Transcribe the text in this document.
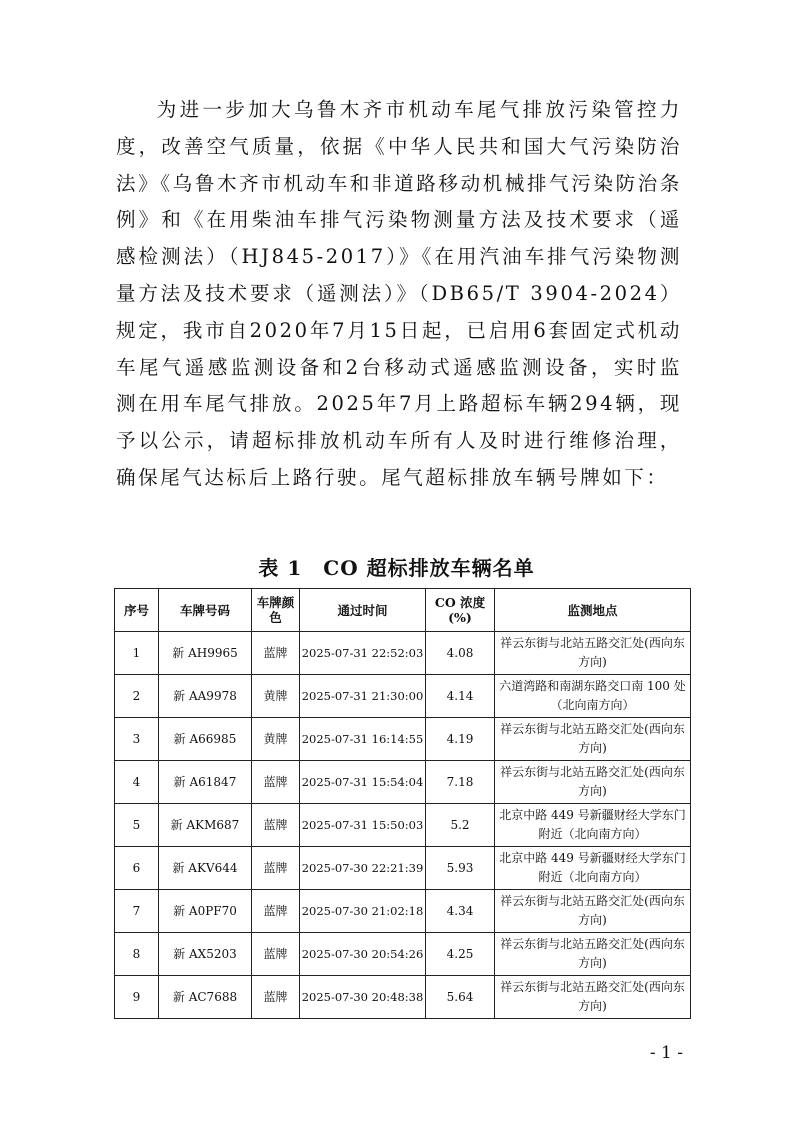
为进一步加大乌鲁木齐市机动车尾气排放污染管控力度，改善空气质量，依据《中华人民共和国大气污染防治法》《乌鲁木齐市机动车和非道路移动机械排气污染防治条例》和《在用柴油车排气污染物测量方法及技术要求（遥感检测法）（HJ845-2017）》《在用汽油车排气污染物测量方法及技术要求（遥测法）》（DB65/T 3904-2024）规定，我市自2020年7月15日起，已启用6套固定式机动车尾气遥感监测设备和2台移动式遥感监测设备，实时监测在用车尾气排放。2025年7月上路超标车辆294辆，现予以公示，请超标排放机动车所有人及时进行维修治理，确保尾气达标后上路行驶。尾气超标排放车辆号牌如下：

表 1　CO 超标排放车辆名单
序号	车牌号码	车牌颜色	通过时间	CO 浓度(%)	监测地点
1	新 AH9965	蓝牌	2025-07-31 22:52:03	4.08	祥云东街与北站五路交汇处(西向东方向)
2	新 AA9978	黄牌	2025-07-31 21:30:00	4.14	六道湾路和南湖东路交口南 100 处（北向南方向）
3	新 A66985	黄牌	2025-07-31 16:14:55	4.19	祥云东街与北站五路交汇处(西向东方向)
4	新 A61847	蓝牌	2025-07-31 15:54:04	7.18	祥云东街与北站五路交汇处(西向东方向)
5	新 AKM687	蓝牌	2025-07-31 15:50:03	5.2	北京中路 449 号新疆财经大学东门附近（北向南方向）
6	新 AKV644	蓝牌	2025-07-30 22:21:39	5.93	北京中路 449 号新疆财经大学东门附近（北向南方向）
7	新 A0PF70	蓝牌	2025-07-30 21:02:18	4.34	祥云东街与北站五路交汇处(西向东方向)
8	新 AX5203	蓝牌	2025-07-30 20:54:26	4.25	祥云东街与北站五路交汇处(西向东方向)
9	新 AC7688	蓝牌	2025-07-30 20:48:38	5.64	祥云东街与北站五路交汇处(西向东方向)
- 1 -
